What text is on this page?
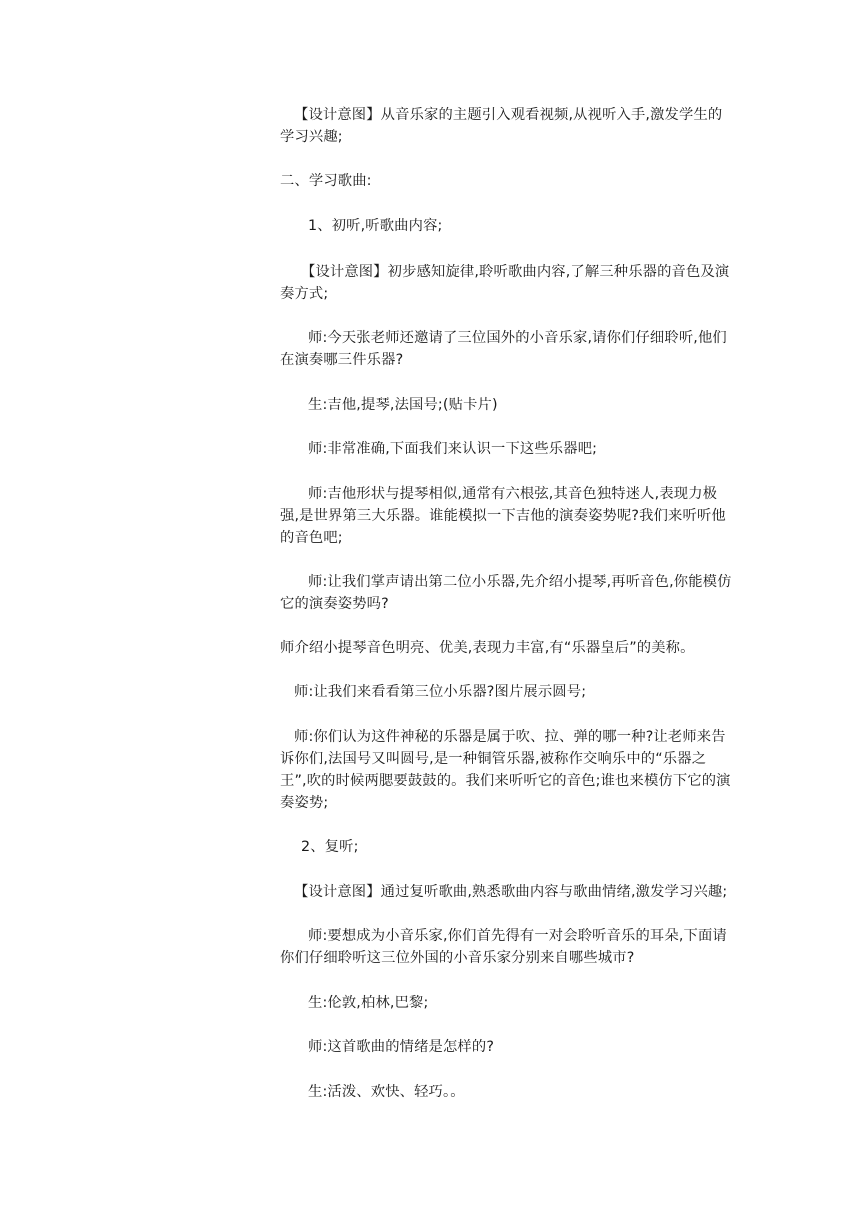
【设计意图】从音乐家的主题引入观看视频,从视听入手,激发学生的学习兴趣;

二、学习歌曲:

1、初听,听歌曲内容;

【设计意图】初步感知旋律,聆听歌曲内容,了解三种乐器的音色及演奏方式;

师:今天张老师还邀请了三位国外的小音乐家,请你们仔细聆听,他们在演奏哪三件乐器?

生:吉他,提琴,法国号;(贴卡片)

师:非常准确,下面我们来认识一下这些乐器吧;

师:吉他形状与提琴相似,通常有六根弦,其音色独特迷人,表现力极强,是世界第三大乐器。谁能模拟一下吉他的演奏姿势呢?我们来听听他的音色吧;

师:让我们掌声请出第二位小乐器,先介绍小提琴,再听音色,你能模仿它的演奏姿势吗?

师介绍小提琴音色明亮、优美,表现力丰富,有“乐器皇后”的美称。

师:让我们来看看第三位小乐器?图片展示圆号;

师:你们认为这件神秘的乐器是属于吹、拉、弹的哪一种?让老师来告诉你们,法国号又叫圆号,是一种铜管乐器,被称作交响乐中的“乐器之王”,吹的时候两腮要鼓鼓的。我们来听听它的音色;谁也来模仿下它的演奏姿势;

2、复听;

【设计意图】通过复听歌曲,熟悉歌曲内容与歌曲情绪,激发学习兴趣;

师:要想成为小音乐家,你们首先得有一对会聆听音乐的耳朵,下面请你们仔细聆听这三位外国的小音乐家分别来自哪些城市?

生:伦敦,柏林,巴黎;

师:这首歌曲的情绪是怎样的?

生:活泼、欢快、轻巧。。
